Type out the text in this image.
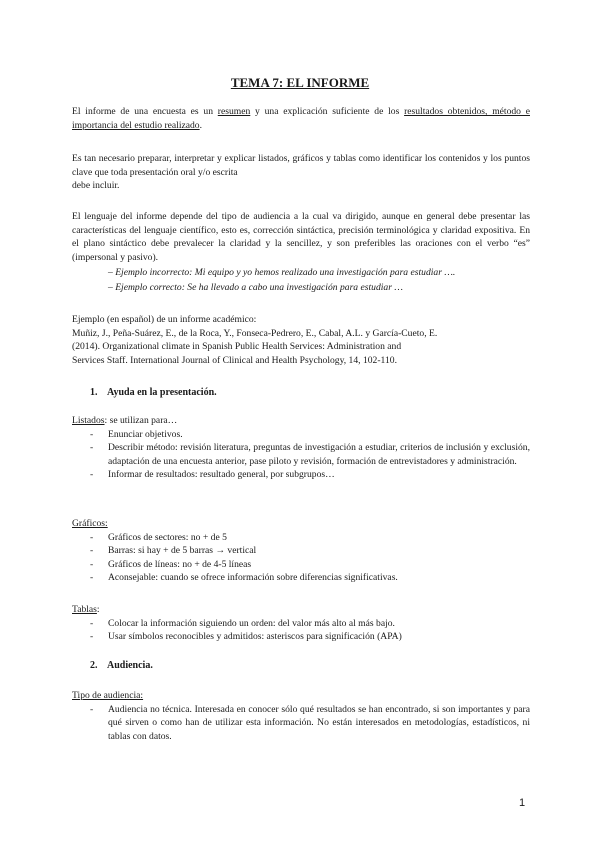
TEMA 7: EL INFORME
El informe de una encuesta es un resumen y una explicación suficiente de los resultados obtenidos, método e importancia del estudio realizado.
Es tan necesario preparar, interpretar y explicar listados, gráficos y tablas como identificar los contenidos y los puntos clave que toda presentación oral y/o escrita
debe incluir.
El lenguaje del informe depende del tipo de audiencia a la cual va dirigido, aunque en general debe presentar las características del lenguaje científico, esto es, corrección sintáctica, precisión terminológica y claridad expositiva. En el plano sintáctico debe prevalecer la claridad y la sencillez, y son preferibles las oraciones con el verbo “es” (impersonal y pasivo).
– Ejemplo incorrecto: Mi equipo y yo hemos realizado una investigación para estudiar ….
– Ejemplo correcto: Se ha llevado a cabo una investigación para estudiar …
Ejemplo (en español) de un informe académico:
Muñiz, J., Peña-Suárez, E., de la Roca, Y., Fonseca-Pedrero, E., Cabal, A.L. y García-Cueto, E.
(2014). Organizational climate in Spanish Public Health Services: Administration and
Services Staff. International Journal of Clinical and Health Psychology, 14, 102-110.
1. Ayuda en la presentación.
Listados: se utilizan para…
- Enunciar objetivos.
- Describir método: revisión literatura, preguntas de investigación a estudiar, criterios de inclusión y exclusión, adaptación de una encuesta anterior, pase piloto y revisión, formación de entrevistadores y administración.
- Informar de resultados: resultado general, por subgrupos…
Gráficos:
- Gráficos de sectores: no + de 5
- Barras: si hay + de 5 barras → vertical
- Gráficos de líneas: no + de 4-5 líneas
- Aconsejable: cuando se ofrece información sobre diferencias significativas.
Tablas:
- Colocar la información siguiendo un orden: del valor más alto al más bajo.
- Usar símbolos reconocibles y admitidos: asteriscos para significación (APA)
2. Audiencia.
Tipo de audiencia:
- Audiencia no técnica. Interesada en conocer sólo qué resultados se han encontrado, si son importantes y para qué sirven o como han de utilizar esta información. No están interesados en metodologías, estadísticos, ni tablas con datos.
1
